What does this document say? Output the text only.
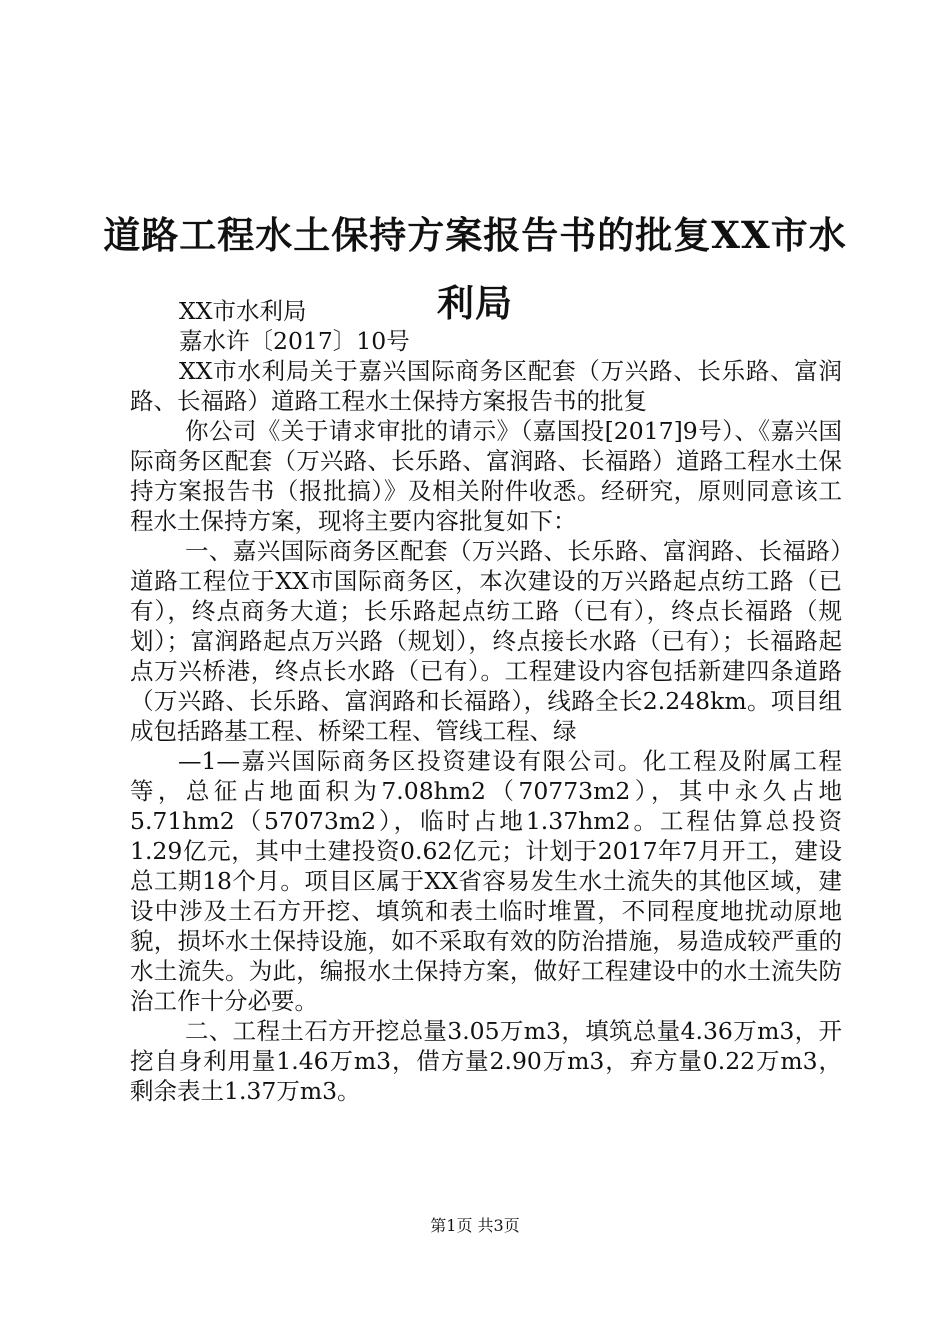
道路工程水土保持方案报告书的批复XX市水利局

XX市水利局

嘉水许〔2017〕10号

XX市水利局关于嘉兴国际商务区配套（万兴路、长乐路、富润路、长福路）道路工程水土保持方案报告书的批复

你公司《关于请求审批的请示》（嘉国投[2017]9号）、《嘉兴国际商务区配套（万兴路、长乐路、富润路、长福路）道路工程水土保持方案报告书（报批搞）》及相关附件收悉。经研究，原则同意该工程水土保持方案，现将主要内容批复如下：

一、嘉兴国际商务区配套（万兴路、长乐路、富润路、长福路）道路工程位于XX市国际商务区，本次建设的万兴路起点纺工路（已有），终点商务大道；长乐路起点纺工路（已有），终点长福路（规划）；富润路起点万兴路（规划），终点接长水路（已有）；长福路起点万兴桥港，终点长水路（已有）。工程建设内容包括新建四条道路（万兴路、长乐路、富润路和长福路），线路全长2.248km。项目组成包括路基工程、桥梁工程、管线工程、绿

—1—嘉兴国际商务区投资建设有限公司。化工程及附属工程等，总征占地面积为7.08hm2（70773m2），其中永久占地5.71hm2（57073m2），临时占地1.37hm2。工程估算总投资1.29亿元，其中土建投资0.62亿元；计划于2017年7月开工，建设总工期18个月。项目区属于XX省容易发生水土流失的其他区域，建设中涉及土石方开挖、填筑和表土临时堆置，不同程度地扰动原地貌，损坏水土保持设施，如不采取有效的防治措施，易造成较严重的水土流失。为此，编报水土保持方案，做好工程建设中的水土流失防治工作十分必要。

二、工程土石方开挖总量3.05万m3，填筑总量4.36万m3，开挖自身利用量1.46万m3，借方量2.90万m3，弃方量0.22万m3，剩余表土1.37万m3。

第1页 共3页
